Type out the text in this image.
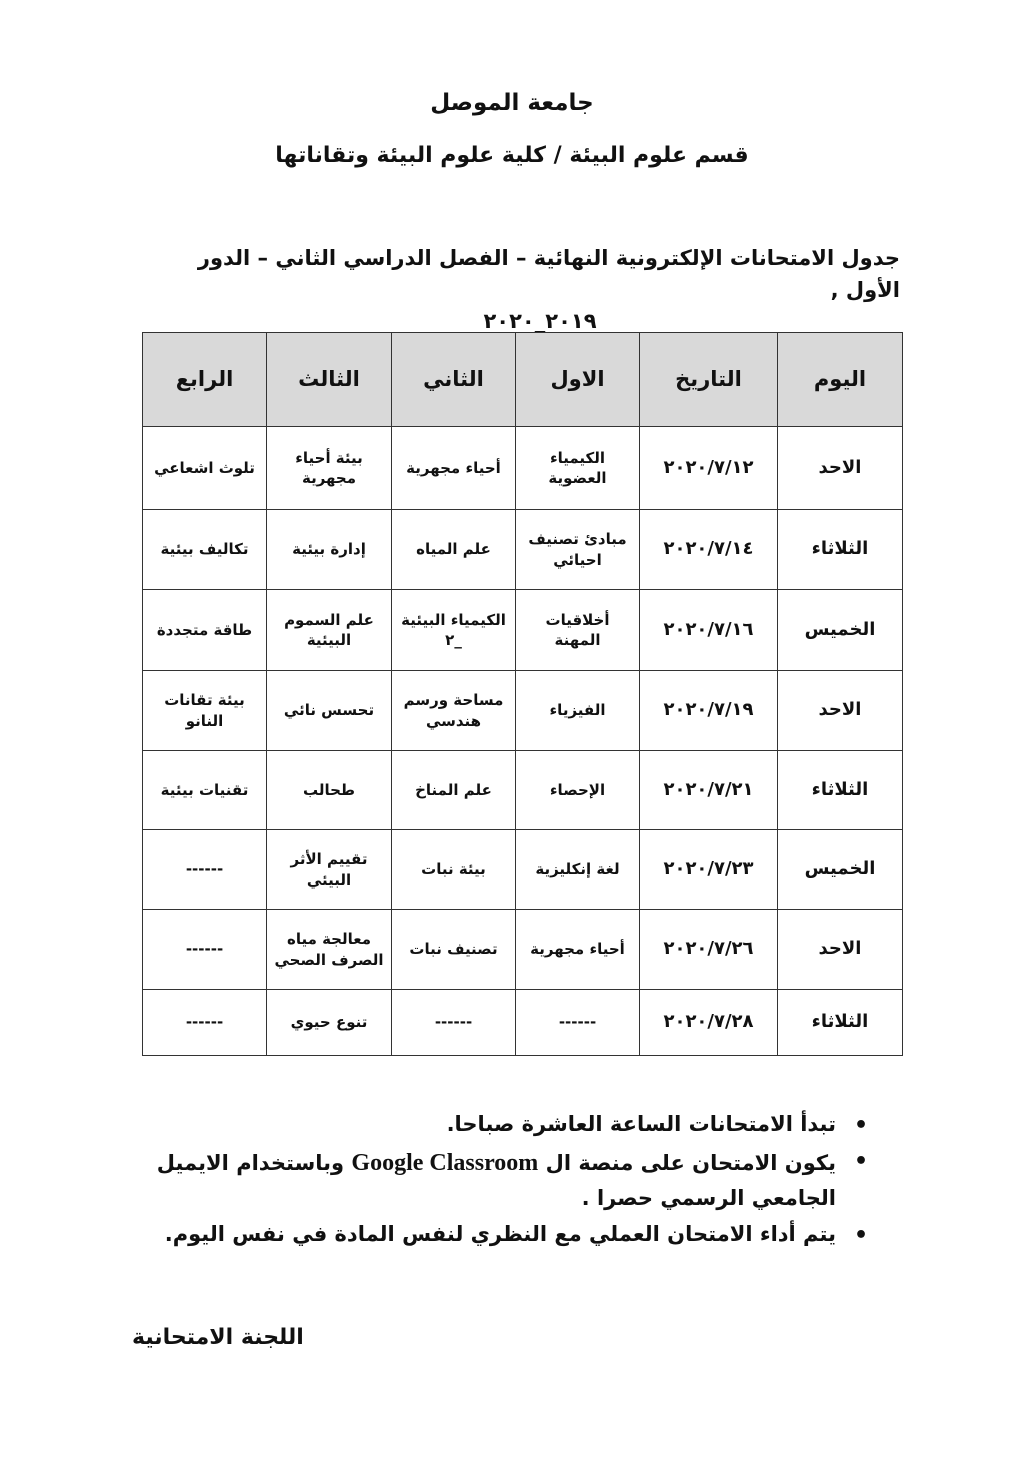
جامعة الموصل
قسم علوم البيئة / كلية علوم البيئة وتقاناتها
جدول الامتحانات الإلكترونية النهائية – الفصل الدراسي الثاني – الدور الأول ,
٢٠١٩_٢٠٢٠
اليوم	التاريخ	الاول	الثاني	الثالث	الرابع
الاحد	٢٠٢٠/٧/١٢	الكيمياء العضوية	أحياء مجهرية	بيئة أحياء مجهرية	تلوث اشعاعي
الثلاثاء	٢٠٢٠/٧/١٤	مبادئ تصنيف احيائي	علم المياه	إدارة بيئية	تكاليف بيئية
الخميس	٢٠٢٠/٧/١٦	أخلاقيات المهنة	الكيمياء البيئية _٢	علم السموم البيئية	طاقة متجددة
الاحد	٢٠٢٠/٧/١٩	الفيزياء	مساحة ورسم هندسي	تحسس نائي	بيئة تقانات النانو
الثلاثاء	٢٠٢٠/٧/٢١	الإحصاء	علم المناخ	طحالب	تقنيات بيئية
الخميس	٢٠٢٠/٧/٢٣	لغة إنكليزية	بيئة نبات	تقييم الأثر البيئي	------
الاحد	٢٠٢٠/٧/٢٦	أحياء مجهرية	تصنيف نبات	معالجة مياه الصرف الصحي	------
الثلاثاء	٢٠٢٠/٧/٢٨	------	------	تنوع حيوي	------
•
تبدأ الامتحانات الساعة العاشرة صباحا.
•
يكون الامتحان على منصة ال Google Classroom وباستخدام الايميل الجامعي الرسمي حصرا .
•
يتم أداء الامتحان العملي مع النظري لنفس المادة في نفس اليوم.
اللجنة الامتحانية
